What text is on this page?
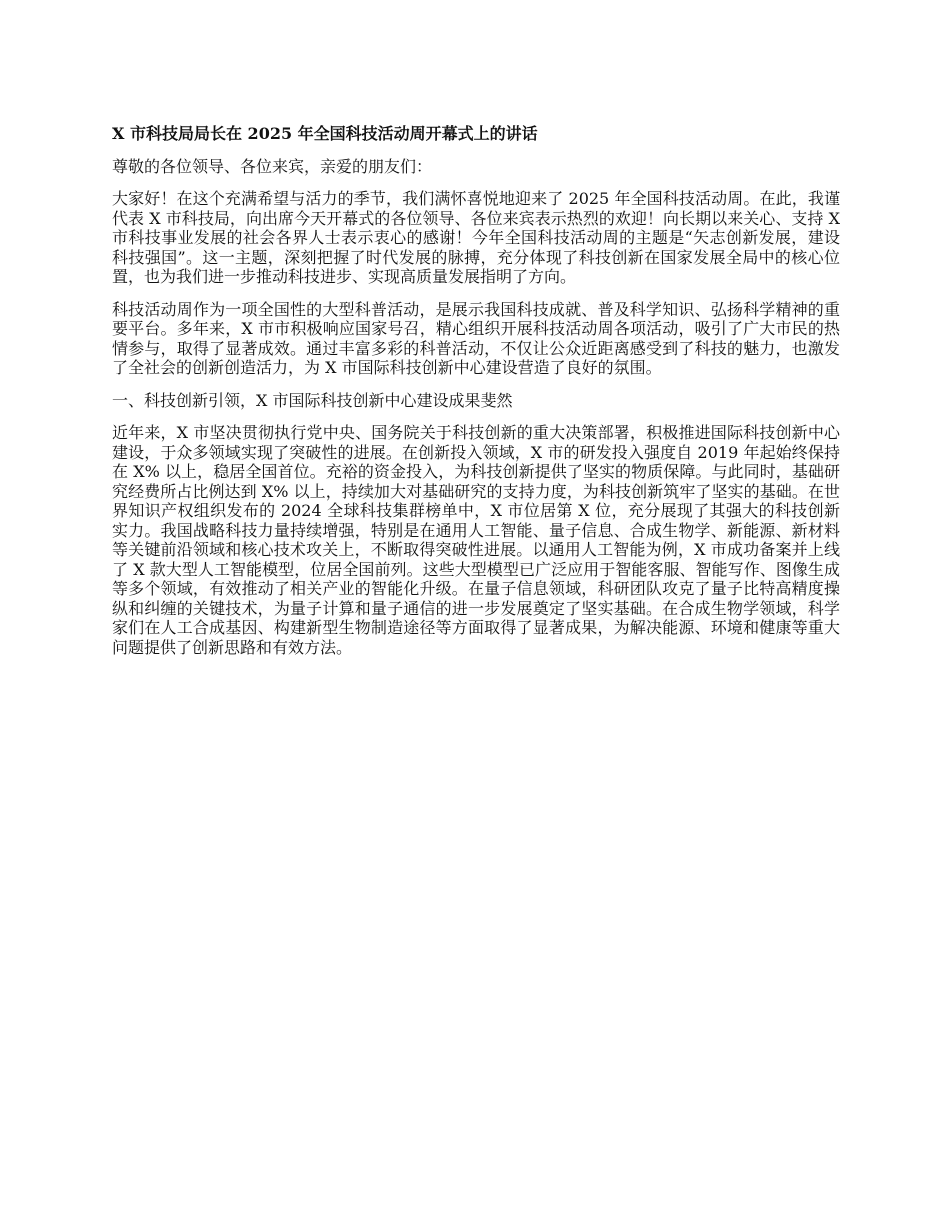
X 市科技局局长在 2025 年全国科技活动周开幕式上的讲话
尊敬的各位领导、各位来宾，亲爱的朋友们：
大家好！在这个充满希望与活力的季节，我们满怀喜悦地迎来了 2025 年全国科技活动周。在此，我谨代表 X 市科技局，向出席今天开幕式的各位领导、各位来宾表示热烈的欢迎！向长期以来关心、支持 X 市科技事业发展的社会各界人士表示衷心的感谢！今年全国科技活动周的主题是“矢志创新发展，建设科技强国”。这一主题，深刻把握了时代发展的脉搏，充分体现了科技创新在国家发展全局中的核心位置，也为我们进一步推动科技进步、实现高质量发展指明了方向。
科技活动周作为一项全国性的大型科普活动，是展示我国科技成就、普及科学知识、弘扬科学精神的重要平台。多年来，X 市市积极响应国家号召，精心组织开展科技活动周各项活动，吸引了广大市民的热情参与，取得了显著成效。通过丰富多彩的科普活动，不仅让公众近距离感受到了科技的魅力，也激发了全社会的创新创造活力，为 X 市国际科技创新中心建设营造了良好的氛围。
一、科技创新引领，X 市国际科技创新中心建设成果斐然
近年来，X 市坚决贯彻执行党中央、国务院关于科技创新的重大决策部署，积极推进国际科技创新中心建设，于众多领域实现了突破性的进展。在创新投入领域，X 市的研发投入强度自 2019 年起始终保持在 X% 以上，稳居全国首位。充裕的资金投入，为科技创新提供了坚实的物质保障。与此同时，基础研究经费所占比例达到 X% 以上，持续加大对基础研究的支持力度，为科技创新筑牢了坚实的基础。在世界知识产权组织发布的 2024 全球科技集群榜单中，X 市位居第 X 位，充分展现了其强大的科技创新实力。我国战略科技力量持续增强，特别是在通用人工智能、量子信息、合成生物学、新能源、新材料等关键前沿领域和核心技术攻关上，不断取得突破性进展。以通用人工智能为例，X 市成功备案并上线了 X 款大型人工智能模型，位居全国前列。这些大型模型已广泛应用于智能客服、智能写作、图像生成等多个领域，有效推动了相关产业的智能化升级。在量子信息领域，科研团队攻克了量子比特高精度操纵和纠缠的关键技术，为量子计算和量子通信的进一步发展奠定了坚实基础。在合成生物学领域，科学家们在人工合成基因、构建新型生物制造途径等方面取得了显著成果，为解决能源、环境和健康等重大问题提供了创新思路和有效方法。
